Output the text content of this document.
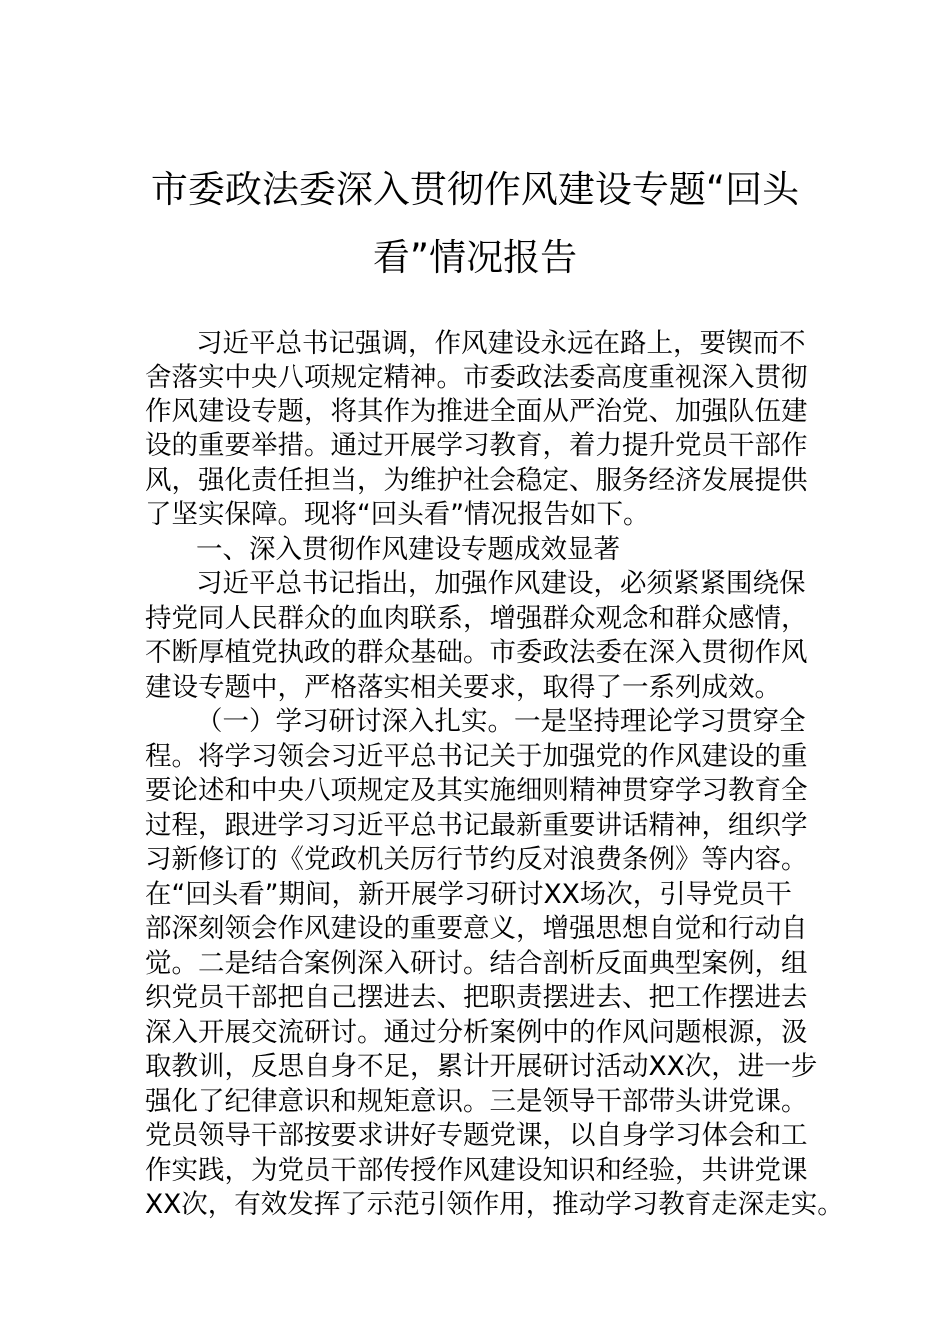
市委政法委深入贯彻作风建设专题“回头
看”情况报告
习近平总书记强调，作风建设永远在路上，要锲而不
舍落实中央八项规定精神。市委政法委高度重视深入贯彻
作风建设专题，将其作为推进全面从严治党、加强队伍建
设的重要举措。通过开展学习教育，着力提升党员干部作
风，强化责任担当，为维护社会稳定、服务经济发展提供
了坚实保障。现将“回头看”情况报告如下。
一、深入贯彻作风建设专题成效显著
习近平总书记指出，加强作风建设，必须紧紧围绕保
持党同人民群众的血肉联系，增强群众观念和群众感情，
不断厚植党执政的群众基础。市委政法委在深入贯彻作风
建设专题中，严格落实相关要求，取得了一系列成效。
（一）学习研讨深入扎实。一是坚持理论学习贯穿全
程。将学习领会习近平总书记关于加强党的作风建设的重
要论述和中央八项规定及其实施细则精神贯穿学习教育全
过程，跟进学习习近平总书记最新重要讲话精神，组织学
习新修订的《党政机关厉行节约反对浪费条例》等内容。
在“回头看”期间，新开展学习研讨XX场次，引导党员干
部深刻领会作风建设的重要意义，增强思想自觉和行动自
觉。二是结合案例深入研讨。结合剖析反面典型案例，组
织党员干部把自己摆进去、把职责摆进去、把工作摆进去
深入开展交流研讨。通过分析案例中的作风问题根源，汲
取教训，反思自身不足，累计开展研讨活动XX次，进一步
强化了纪律意识和规矩意识。三是领导干部带头讲党课。
党员领导干部按要求讲好专题党课，以自身学习体会和工
作实践，为党员干部传授作风建设知识和经验，共讲党课
XX次，有效发挥了示范引领作用，推动学习教育走深走实。
